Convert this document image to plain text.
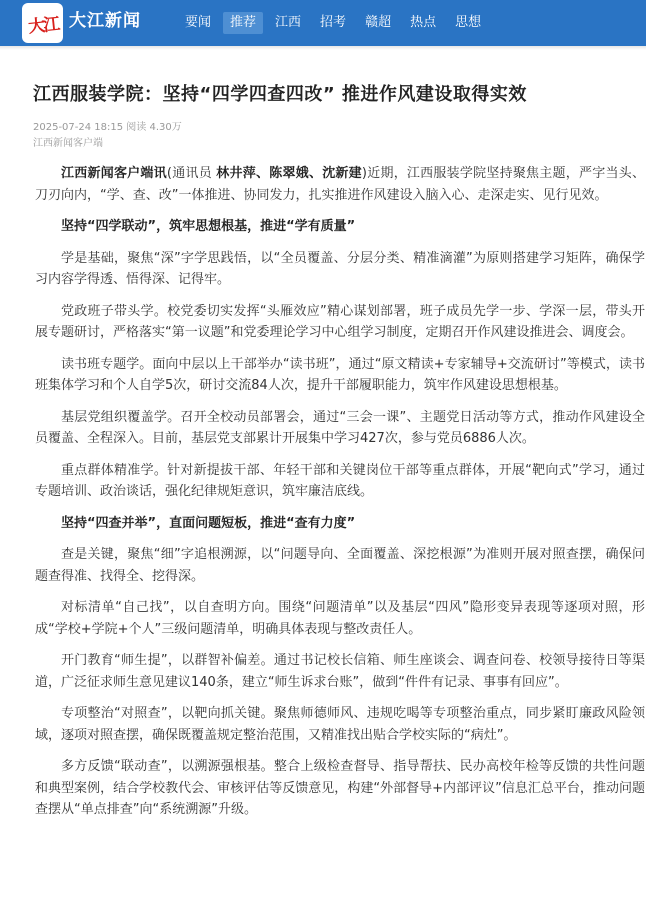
大江 大江新闻	要闻	推荐	江西	招考	赣超	热点	思想
江西服装学院：坚持“四学四查四改” 推进作风建设取得实效
2025-07-24 18:15 阅读 4.30万
江西新闻客户端

江西新闻客户端讯(通讯员 林井萍、陈翠娥、沈新建)近期，江西服装学院坚持聚焦主题，严字当头、刀刃向内，“学、查、改”一体推进、协同发力，扎实推进作风建设入脑入心、走深走实、见行见效。

坚持“四学联动”，筑牢思想根基，推进“学有质量”

学是基础，聚焦“深”字学思践悟，以“全员覆盖、分层分类、精准滴灌”为原则搭建学习矩阵，确保学习内容学得透、悟得深、记得牢。

党政班子带头学。校党委切实发挥“头雁效应”精心谋划部署，班子成员先学一步、学深一层，带头开展专题研讨，严格落实“第一议题”和党委理论学习中心组学习制度，定期召开作风建设推进会、调度会。

读书班专题学。面向中层以上干部举办“读书班”，通过“原文精读+专家辅导+交流研讨”等模式，读书班集体学习和个人自学5次，研讨交流84人次，提升干部履职能力，筑牢作风建设思想根基。

基层党组织覆盖学。召开全校动员部署会，通过“三会一课”、主题党日活动等方式，推动作风建设全员覆盖、全程深入。目前，基层党支部累计开展集中学习427次，参与党员6886人次。

重点群体精准学。针对新提拔干部、年轻干部和关键岗位干部等重点群体，开展“靶向式”学习，通过专题培训、政治谈话，强化纪律规矩意识，筑牢廉洁底线。

坚持“四查并举”，直面问题短板，推进“查有力度”

查是关键，聚焦“细”字追根溯源，以“问题导向、全面覆盖、深挖根源”为准则开展对照查摆，确保问题查得准、找得全、挖得深。

对标清单“自己找”，以自查明方向。围绕“问题清单”以及基层“四风”隐形变异表现等逐项对照，形成“学校+学院+个人”三级问题清单，明确具体表现与整改责任人。

开门教育“师生提”，以群智补偏差。通过书记校长信箱、师生座谈会、调查问卷、校领导接待日等渠道，广泛征求师生意见建议140条，建立“师生诉求台账”，做到“件件有记录、事事有回应”。

专项整治“对照查”，以靶向抓关键。聚焦师德师风、违规吃喝等专项整治重点，同步紧盯廉政风险领域，逐项对照查摆，确保既覆盖规定整治范围，又精准找出贴合学校实际的“病灶”。

多方反馈“联动查”，以溯源强根基。整合上级检查督导、指导帮扶、民办高校年检等反馈的共性问题和典型案例，结合学校教代会、审核评估等反馈意见，构建“外部督导+内部评议”信息汇总平台，推动问题查摆从“单点排查”向“系统溯源”升级。
